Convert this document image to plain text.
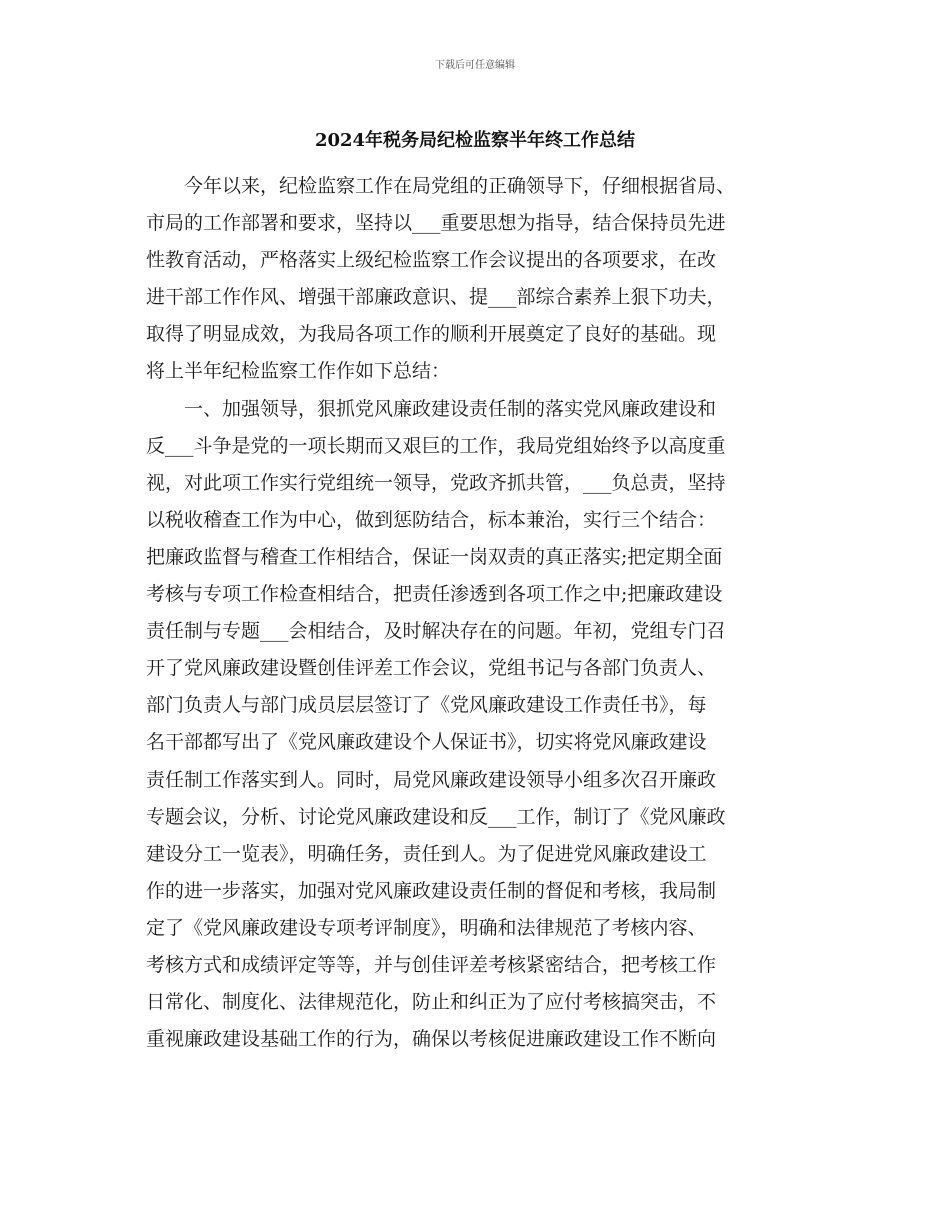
下载后可任意编辑
2024年税务局纪检监察半年终工作总结
　　今年以来，纪检监察工作在局党组的正确领导下，仔细根据省局、
市局的工作部署和要求，坚持以___重要思想为指导，结合保持员先进
性教育活动，严格落实上级纪检监察工作会议提出的各项要求，在改
进干部工作作风、增强干部廉政意识、提___部综合素养上狠下功夫，
取得了明显成效，为我局各项工作的顺利开展奠定了良好的基础。现
将上半年纪检监察工作作如下总结：
　　一、加强领导，狠抓党风廉政建设责任制的落实党风廉政建设和
反___斗争是党的一项长期而又艰巨的工作，我局党组始终予以高度重
视，对此项工作实行党组统一领导，党政齐抓共管，___负总责，坚持
以税收稽查工作为中心，做到惩防结合，标本兼治，实行三个结合：
把廉政监督与稽查工作相结合，保证一岗双责的真正落实;把定期全面
考核与专项工作检查相结合，把责任渗透到各项工作之中;把廉政建设
责任制与专题___会相结合，及时解决存在的问题。年初，党组专门召
开了党风廉政建设暨创佳评差工作会议，党组书记与各部门负责人、
部门负责人与部门成员层层签订了《党风廉政建设工作责任书》，每
名干部都写出了《党风廉政建设个人保证书》，切实将党风廉政建设
责任制工作落实到人。同时，局党风廉政建设领导小组多次召开廉政
专题会议，分析、讨论党风廉政建设和反___工作，制订了《党风廉政
建设分工一览表》，明确任务，责任到人。为了促进党风廉政建设工
作的进一步落实，加强对党风廉政建设责任制的督促和考核，我局制
定了《党风廉政建设专项考评制度》，明确和法律规范了考核内容、
考核方式和成绩评定等等，并与创佳评差考核紧密结合，把考核工作
日常化、制度化、法律规范化，防止和纠正为了应付考核搞突击，不
重视廉政建设基础工作的行为，确保以考核促进廉政建设工作不断向
